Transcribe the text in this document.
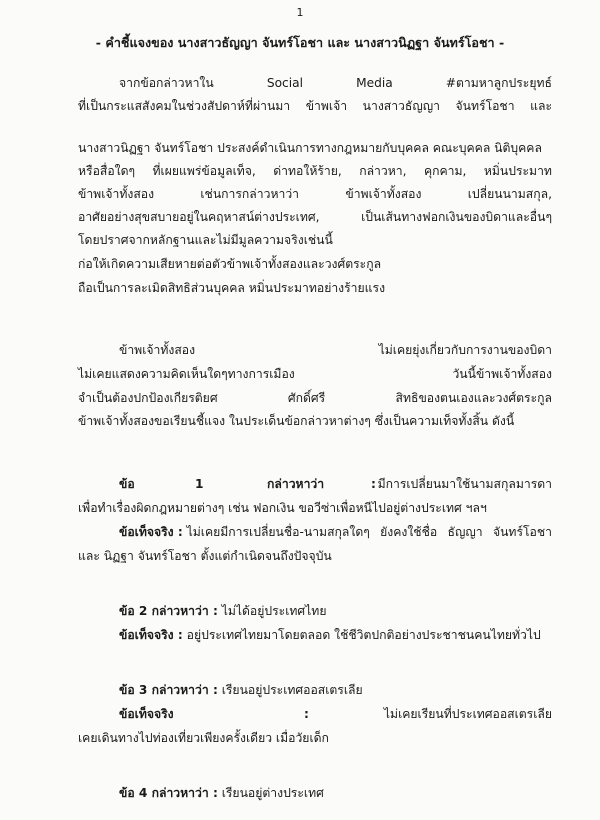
1
- คำชี้แจงของ นางสาวธัญญา จันทร์โอชา และ นางสาวนิฏฐา จันทร์โอชา -
จากข้อกล่าวหาใน	Social	Media	#ตามหาลูกประยุทธ์
ที่เป็นกระแสสังคมในช่วงสัปดาห์ที่ผ่านมา ข้าพเจ้า นางสาวธัญญา จันทร์โอชา และ
นางสาวนิฏฐา จันทร์โอชา ประสงค์ดำเนินการทางกฎหมายกับบุคคล คณะบุคคล นิติบุคคล
หรือสื่อใดๆ ที่เผยแพร่ข้อมูลเท็จ, ด่าทอให้ร้าย, กล่าวหา, คุกคาม, หมิ่นประมาท
ข้าพเจ้าทั้งสอง	เช่นการกล่าวหาว่า	ข้าพเจ้าทั้งสอง	เปลี่ยนนามสกุล,
อาศัยอย่างสุขสบายอยู่ในคฤหาสน์ต่างประเทศ,	เป็นเส้นทางฟอกเงินของบิดาและอื่นๆ
โดยปราศจากหลักฐานและไม่มีมูลความจริงเช่นนี้
ก่อให้เกิดความเสียหายต่อตัวข้าพเจ้าทั้งสองและวงศ์ตระกูล
ถือเป็นการละเมิดสิทธิส่วนบุคคล หมิ่นประมาทอย่างร้ายแรง
ข้าพเจ้าทั้งสอง	ไม่เคยยุ่งเกี่ยวกับการงานของบิดา
ไม่เคยแสดงความคิดเห็นใดๆทางการเมือง	วันนี้ข้าพเจ้าทั้งสอง
จำเป็นต้องปกป้องเกียรติยศ	ศักดิ์ศรี	สิทธิของตนเองและวงศ์ตระกูล
ข้าพเจ้าทั้งสองขอเรียนชี้แจง ในประเด็นข้อกล่าวหาต่างๆ ซึ่งเป็นความเท็จทั้งสิ้น ดังนี้
ข้อ	1	กล่าวหาว่า	: มีการเปลี่ยนมาใช้นามสกุลมารดา
เพื่อทำเรื่องผิดกฎหมายต่างๆ เช่น ฟอกเงิน ขอวีซ่าเพื่อหนีไปอยู่ต่างประเทศ ฯลฯ
ข้อเท็จจริง : ไม่เคยมีการเปลี่ยนชื่อ-นามสกุลใดๆ ยังคงใช้ชื่อ ธัญญา จันทร์โอชา
และ นิฏฐา จันทร์โอชา ตั้งแต่กำเนิดจนถึงปัจจุบัน
ข้อ 2 กล่าวหาว่า : ไม่ได้อยู่ประเทศไทย
ข้อเท็จจริง : อยู่ประเทศไทยมาโดยตลอด ใช้ชีวิตปกติอย่างประชาชนคนไทยทั่วไป
ข้อ 3 กล่าวหาว่า : เรียนอยู่ประเทศออสเตรเลีย
ข้อเท็จจริง	:	ไม่เคยเรียนที่ประเทศออสเตรเลีย
เคยเดินทางไปท่องเที่ยวเพียงครั้งเดียว เมื่อวัยเด็ก
ข้อ 4 กล่าวหาว่า : เรียนอยู่ต่างประเทศ
